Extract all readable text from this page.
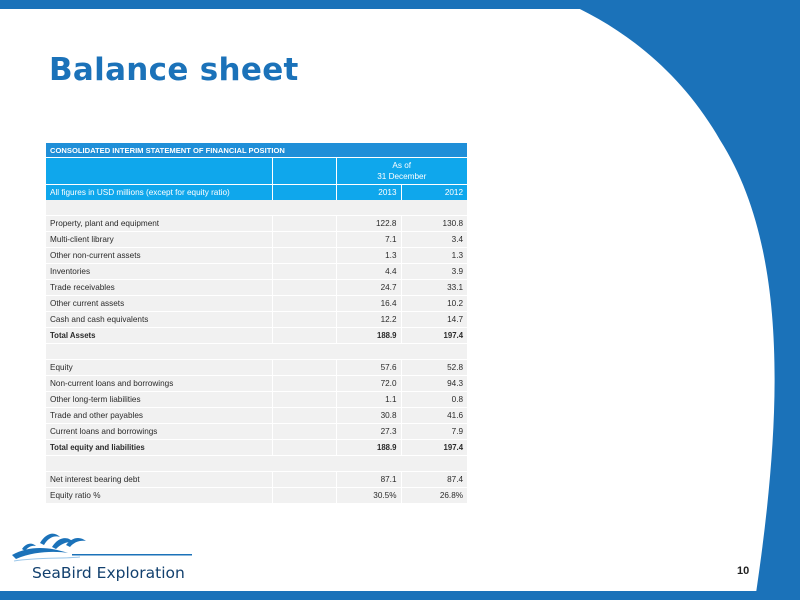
Balance sheet
CONSOLIDATED INTERIM STATEMENT OF FINANCIAL POSITION			
		As of
31 December	
All figures in USD millions (except for equity ratio)		2013	2012

Property, plant and equipment		122.8	130.8
Multi-client library		7.1	3.4
Other non-current assets		1.3	1.3
Inventories		4.4	3.9
Trade receivables		24.7	33.1
Other current assets		16.4	10.2
Cash and cash equivalents		12.2	14.7
Total Assets		188.9	197.4

Equity		57.6	52.8
Non-current loans and borrowings		72.0	94.3
Other long-term liabilities		1.1	0.8
Trade and other payables		30.8	41.6
Current loans and borrowings		27.3	7.9
Total equity and liabilities		188.9	197.4

Net interest bearing debt		87.1	87.4
Equity ratio %		30.5%	26.8%
SeaBird Exploration	10
